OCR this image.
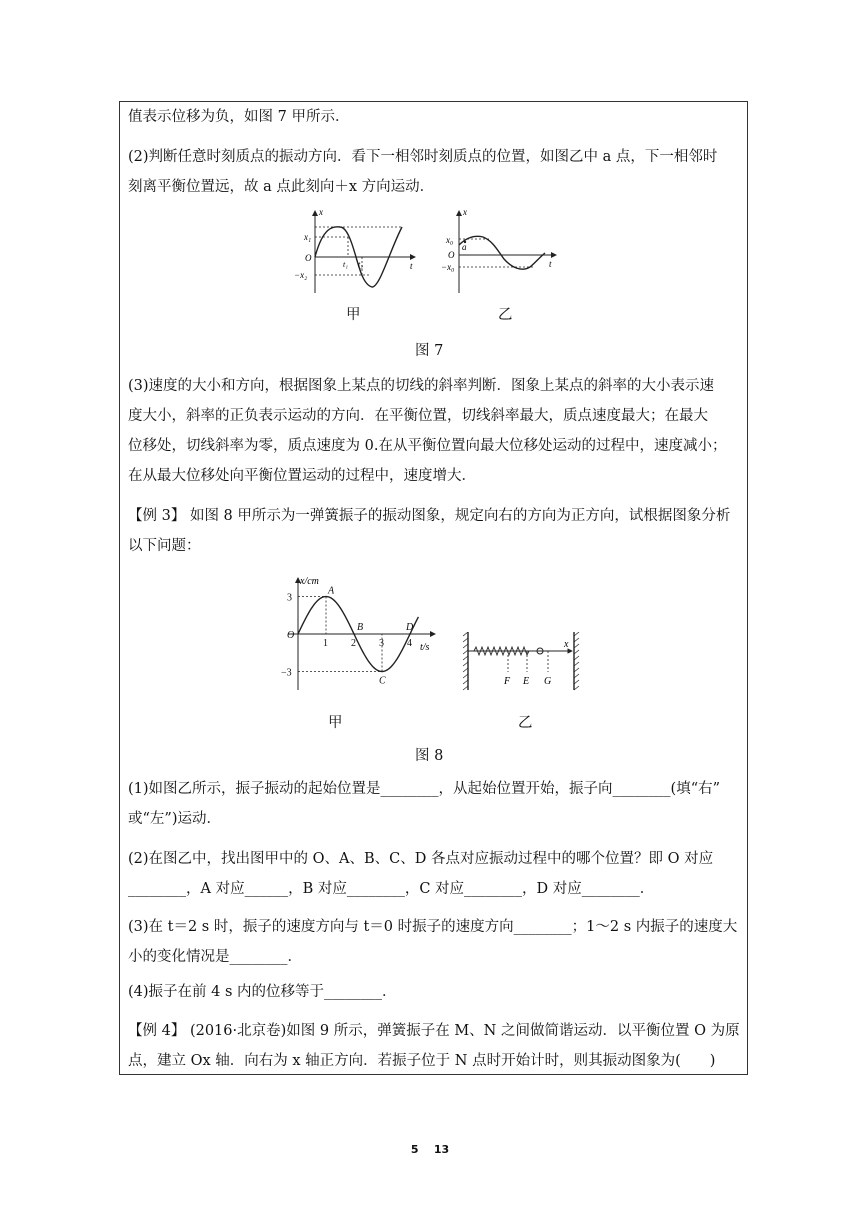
值表示位移为负，如图 7 甲所示．
(2)判断任意时刻质点的振动方向．看下一相邻时刻质点的位置，如图乙中 a 点，下一相邻时
刻离平衡位置远，故 a 点此刻向＋x 方向运动．
x
x₁
O
t₁ t₂
−x₂
t
x
x₀
a
O
−x₀	t
甲	乙
图 7
(3)速度的大小和方向，根据图象上某点的切线的斜率判断．图象上某点的斜率的大小表示速
度大小，斜率的正负表示运动的方向．在平衡位置，切线斜率最大，质点速度最大；在最大
位移处，切线斜率为零，质点速度为 0.在从平衡位置向最大位移处运动的过程中，速度减小；
在从最大位移处向平衡位置运动的过程中，速度增大．
【例 3】 如图 8 甲所示为一弹簧振子的振动图象，规定向右的方向为正方向，试根据图象分析
以下问题：
1 2 3 4
3
−3
O
A
B
C
D
x/cm
t/s	x
F E G
甲	乙
图 8
(1)如图乙所示，振子振动的起始位置是________，从起始位置开始，振子向________(填“右”
或“左”)运动．
(2)在图乙中，找出图甲中的 O、A、B、C、D 各点对应振动过程中的哪个位置？即 O 对应
________，A 对应______，B 对应________，C 对应________，D 对应________．
(3)在 t＝2 s 时，振子的速度方向与 t＝0 时振子的速度方向________；1～2 s 内振子的速度大
小的变化情况是________．
(4)振子在前 4 s 内的位移等于________．
【例 4】 (2016·北京卷)如图 9 所示，弹簧振子在 M、N 之间做简谐运动．以平衡位置 O 为原
点，建立 Ox 轴．向右为 x 轴正方向．若振子位于 N 点时开始计时，则其振动图象为(　　)
5 13
